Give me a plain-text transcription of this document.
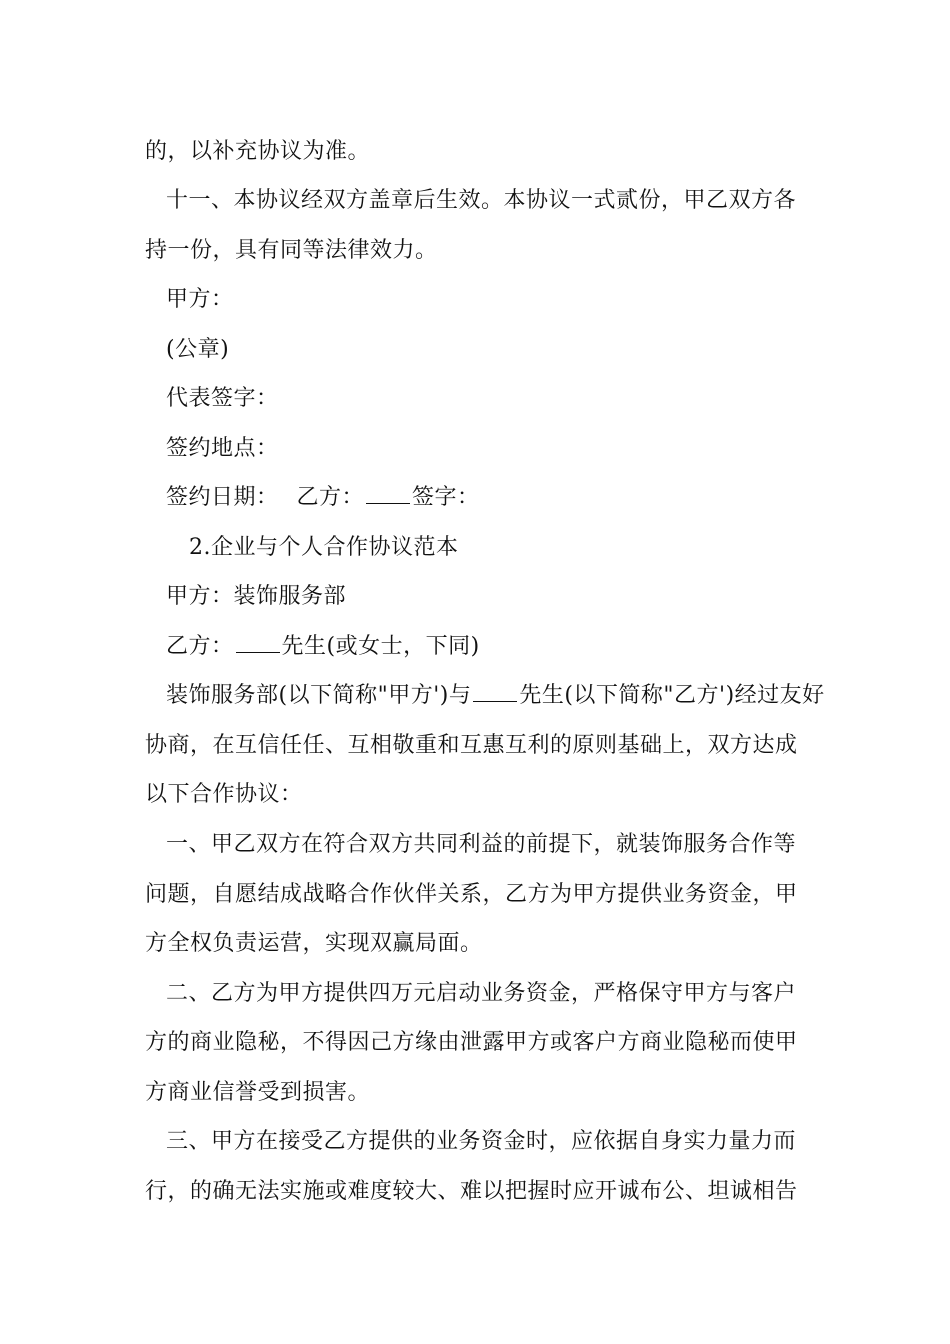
的，以补充协议为准。
十一、本协议经双方盖章后生效。本协议一式贰份，甲乙双方各
持一份，具有同等法律效力。
甲方：
(公章)
代表签字：
签约地点：
签约日期： 乙方： 签字：
2.企业与个人合作协议范本
甲方：装饰服务部
乙方： 先生(或女士，下同)
装饰服务部(以下简称"甲方')与 先生(以下简称"乙方')经过友好
协商，在互信任任、互相敬重和互惠互利的原则基础上，双方达成
以下合作协议：
一、甲乙双方在符合双方共同利益的前提下，就装饰服务合作等
问题，自愿结成战略合作伙伴关系，乙方为甲方提供业务资金，甲
方全权负责运营，实现双赢局面。
二、乙方为甲方提供四万元启动业务资金，严格保守甲方与客户
方的商业隐秘，不得因己方缘由泄露甲方或客户方商业隐秘而使甲
方商业信誉受到损害。
三、甲方在接受乙方提供的业务资金时，应依据自身实力量力而
行，的确无法实施或难度较大、难以把握时应开诚布公、坦诚相告
